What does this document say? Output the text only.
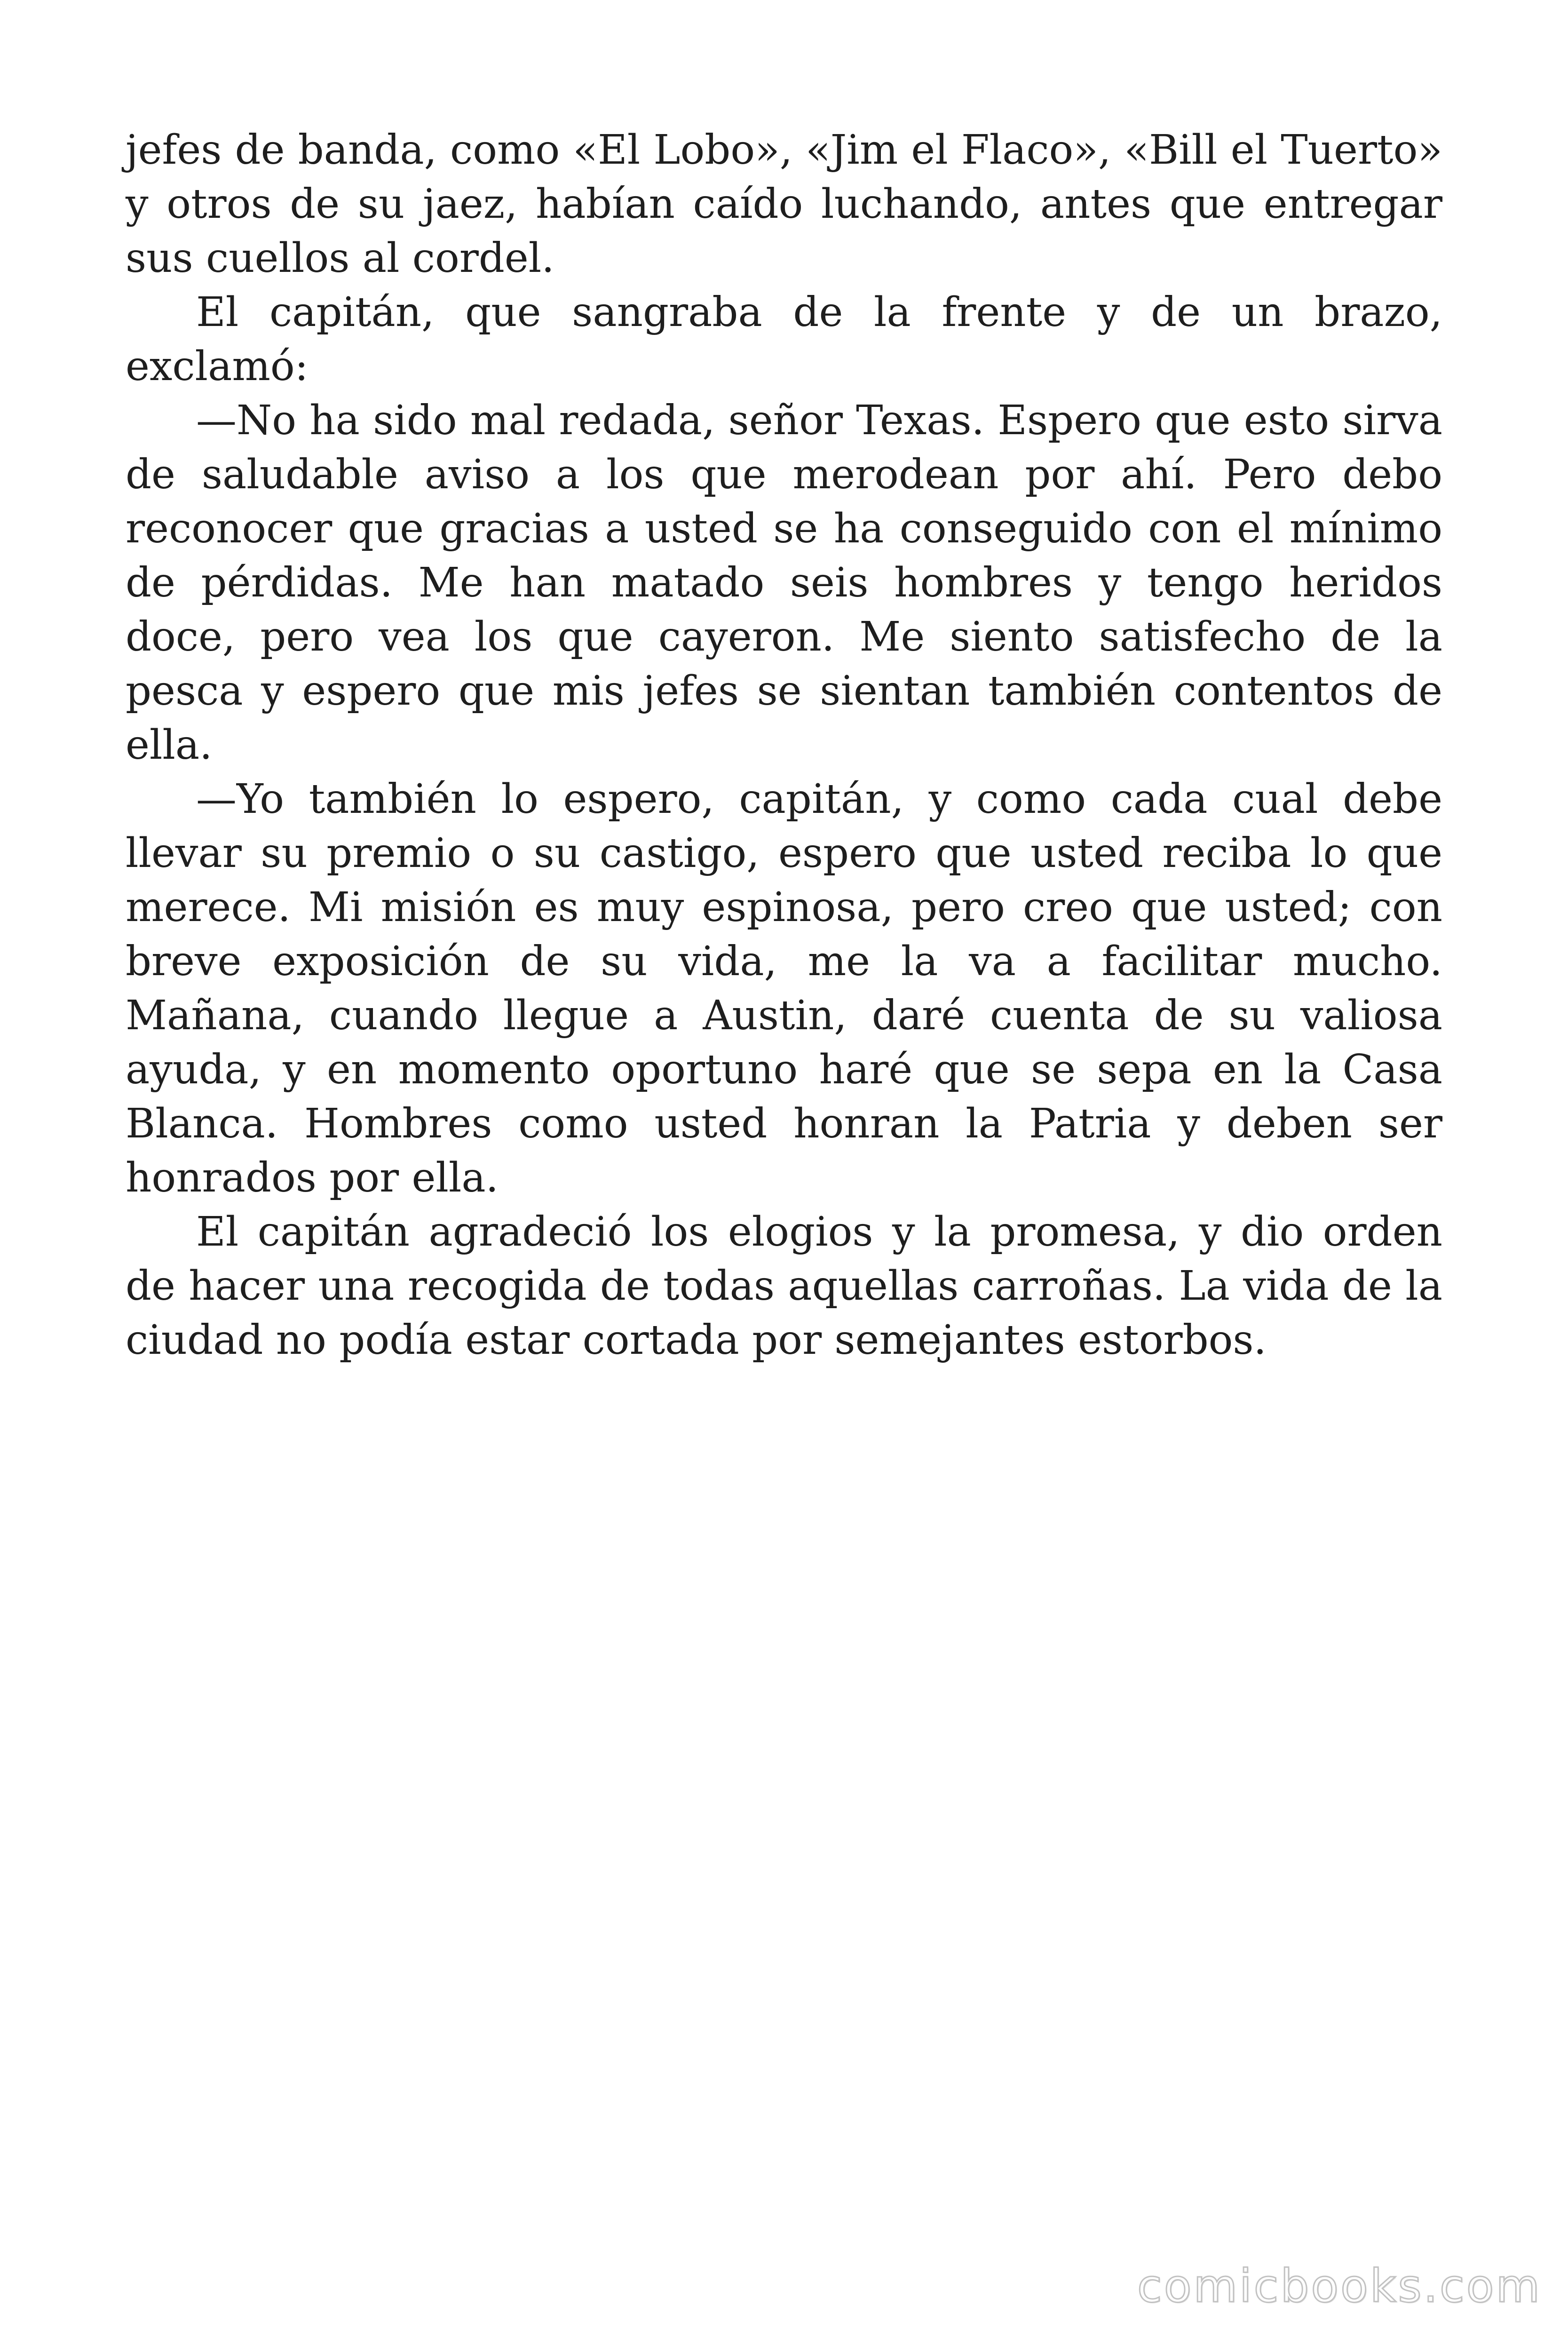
jefes de banda, como «El Lobo», «Jim el Flaco», «Bill el Tuerto» y otros de su jaez, habían caído luchando, antes que entregar sus cuellos al cordel.

El capitán, que sangraba de la frente y de un brazo, exclamó:

—No ha sido mal redada, señor Texas. Espero que esto sirva de saludable aviso a los que merodean por ahí. Pero debo reconocer que gracias a usted se ha conseguido con el mínimo de pérdidas. Me han matado seis hombres y tengo heridos doce, pero vea los que cayeron. Me siento satisfecho de la pesca y espero que mis jefes se sientan también contentos de ella.

—Yo también lo espero, capitán, y como cada cual debe llevar su premio o su castigo, espero que usted reciba lo que merece. Mi misión es muy espinosa, pero creo que usted; con breve exposición de su vida, me la va a facilitar mucho. Mañana, cuando llegue a Austin, daré cuenta de su valiosa ayuda, y en momento oportuno haré que se sepa en la Casa Blanca. Hombres como usted honran la Patria y deben ser honrados por ella.

El capitán agradeció los elogios y la promesa, y dio orden de hacer una recogida de todas aquellas carroñas. La vida de la ciudad no podía estar cortada por semejantes estorbos.

comicbooks.com
